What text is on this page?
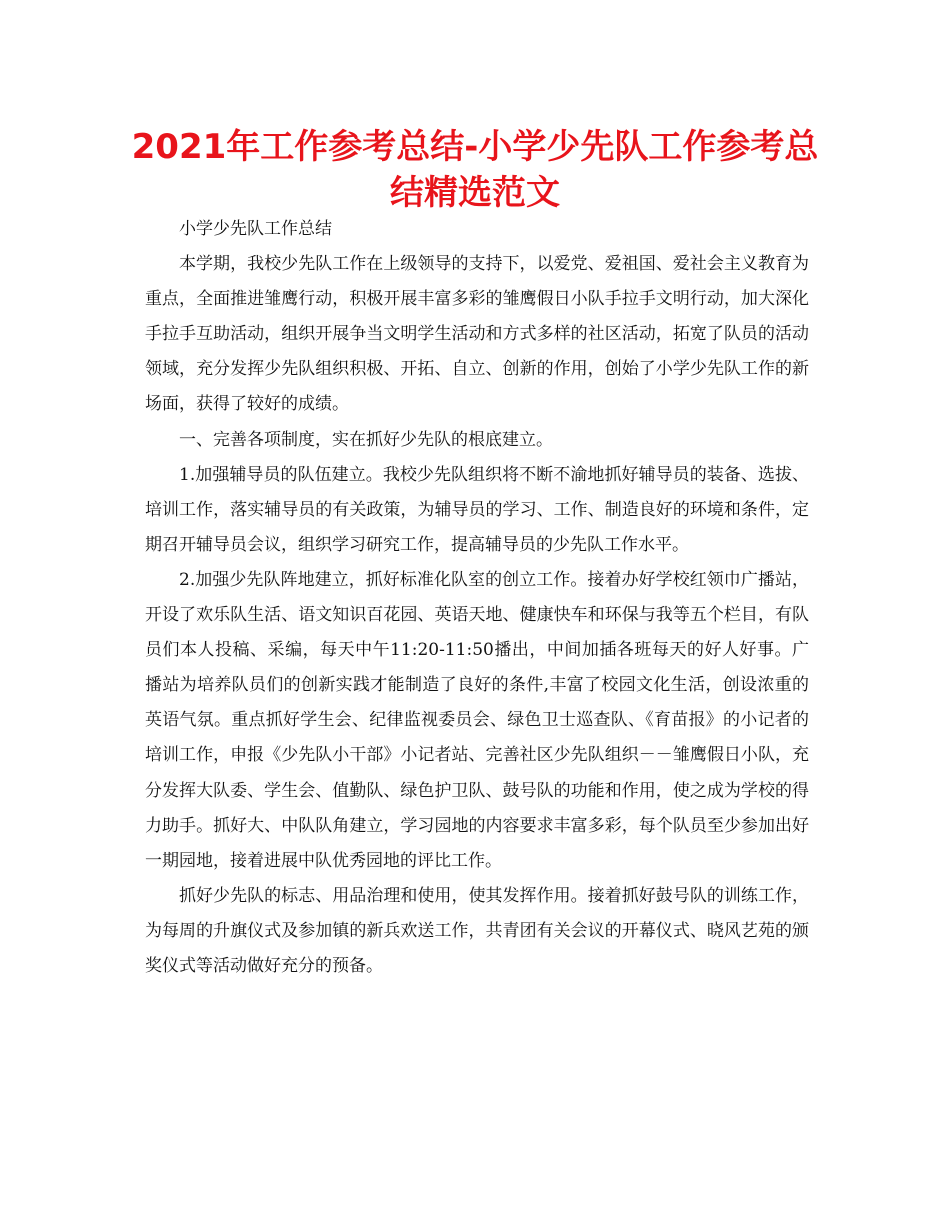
2021年工作参考总结-小学少先队工作参考总结精选范文

小学少先队工作总结

本学期，我校少先队工作在上级领导的支持下，以爱党、爱祖国、爱社会主义教育为重点，全面推进雏鹰行动，积极开展丰富多彩的雏鹰假日小队手拉手文明行动，加大深化手拉手互助活动，组织开展争当文明学生活动和方式多样的社区活动，拓宽了队员的活动领域，充分发挥少先队组织积极、开拓、自立、创新的作用，创始了小学少先队工作的新场面，获得了较好的成绩。

一、完善各项制度，实在抓好少先队的根底建立。

1.加强辅导员的队伍建立。我校少先队组织将不断不渝地抓好辅导员的装备、选拔、培训工作，落实辅导员的有关政策，为辅导员的学习、工作、制造良好的环境和条件，定期召开辅导员会议，组织学习研究工作，提高辅导员的少先队工作水平。

2.加强少先队阵地建立，抓好标准化队室的创立工作。接着办好学校红领巾广播站，开设了欢乐队生活、语文知识百花园、英语天地、健康快车和环保与我等五个栏目，有队员们本人投稿、采编，每天中午11:20-11:50播出，中间加插各班每天的好人好事。广播站为培养队员们的创新实践才能制造了良好的条件,丰富了校园文化生活，创设浓重的英语气氛。重点抓好学生会、纪律监视委员会、绿色卫士巡查队、《育苗报》的小记者的培训工作，申报《少先队小干部》小记者站、完善社区少先队组织－－雏鹰假日小队，充分发挥大队委、学生会、值勤队、绿色护卫队、鼓号队的功能和作用，使之成为学校的得力助手。抓好大、中队队角建立，学习园地的内容要求丰富多彩，每个队员至少参加出好一期园地，接着进展中队优秀园地的评比工作。

抓好少先队的标志、用品治理和使用，使其发挥作用。接着抓好鼓号队的训练工作，为每周的升旗仪式及参加镇的新兵欢送工作，共青团有关会议的开幕仪式、晓风艺苑的颁奖仪式等活动做好充分的预备。
